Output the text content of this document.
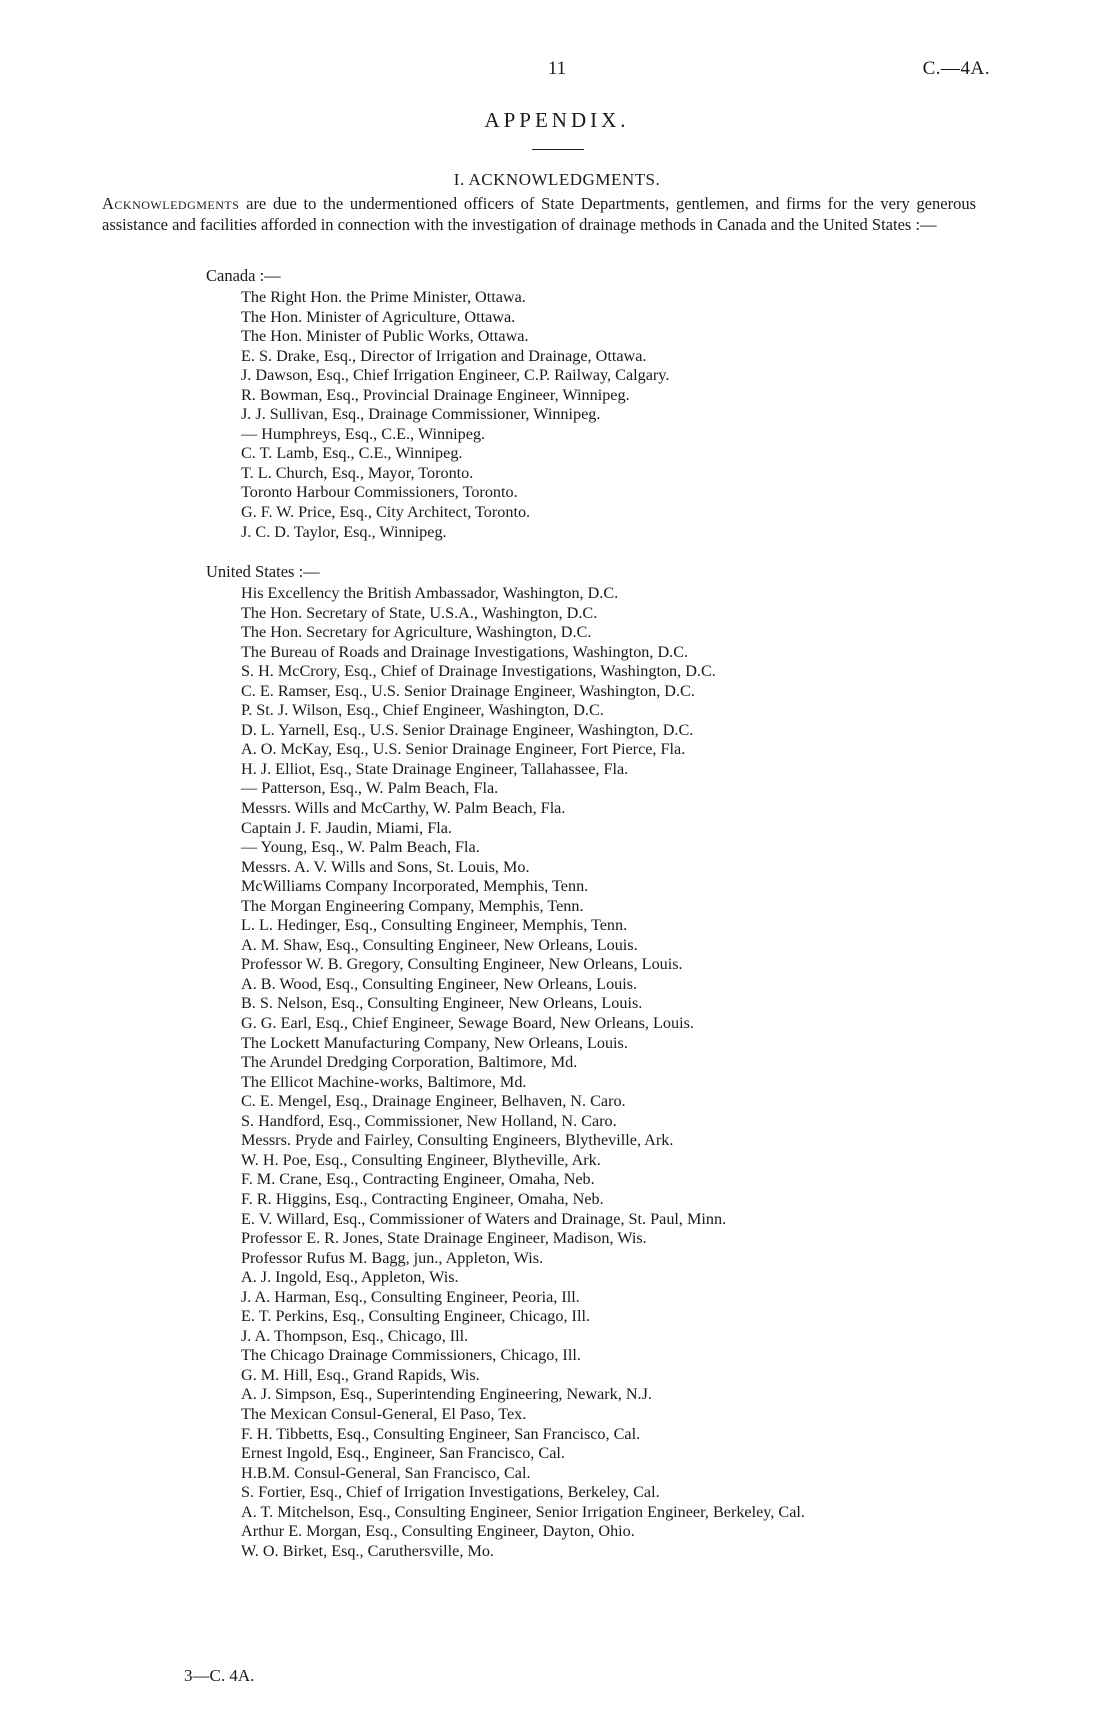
11	C.—4A.
APPENDIX.
I. ACKNOWLEDGMENTS.

Acknowledgments are due to the undermentioned officers of State Departments, gentlemen, and firms for the very generous assistance and facilities afforded in connection with the investigation of drainage methods in Canada and the United States :—

Canada :—
The Right Hon. the Prime Minister, Ottawa.
The Hon. Minister of Agriculture, Ottawa.
The Hon. Minister of Public Works, Ottawa.
E. S. Drake, Esq., Director of Irrigation and Drainage, Ottawa.
J. Dawson, Esq., Chief Irrigation Engineer, C.P. Railway, Calgary.
R. Bowman, Esq., Provincial Drainage Engineer, Winnipeg.
J. J. Sullivan, Esq., Drainage Commissioner, Winnipeg.
— Humphreys, Esq., C.E., Winnipeg.
C. T. Lamb, Esq., C.E., Winnipeg.
T. L. Church, Esq., Mayor, Toronto.
Toronto Harbour Commissioners, Toronto.
G. F. W. Price, Esq., City Architect, Toronto.
J. C. D. Taylor, Esq., Winnipeg.
United States :—
His Excellency the British Ambassador, Washington, D.C.
The Hon. Secretary of State, U.S.A., Washington, D.C.
The Hon. Secretary for Agriculture, Washington, D.C.
The Bureau of Roads and Drainage Investigations, Washington, D.C.
S. H. McCrory, Esq., Chief of Drainage Investigations, Washington, D.C.
C. E. Ramser, Esq., U.S. Senior Drainage Engineer, Washington, D.C.
P. St. J. Wilson, Esq., Chief Engineer, Washington, D.C.
D. L. Yarnell, Esq., U.S. Senior Drainage Engineer, Washington, D.C.
A. O. McKay, Esq., U.S. Senior Drainage Engineer, Fort Pierce, Fla.
H. J. Elliot, Esq., State Drainage Engineer, Tallahassee, Fla.
— Patterson, Esq., W. Palm Beach, Fla.
Messrs. Wills and McCarthy, W. Palm Beach, Fla.
Captain J. F. Jaudin, Miami, Fla.
— Young, Esq., W. Palm Beach, Fla.
Messrs. A. V. Wills and Sons, St. Louis, Mo.
McWilliams Company Incorporated, Memphis, Tenn.
The Morgan Engineering Company, Memphis, Tenn.
L. L. Hedinger, Esq., Consulting Engineer, Memphis, Tenn.
A. M. Shaw, Esq., Consulting Engineer, New Orleans, Louis.
Professor W. B. Gregory, Consulting Engineer, New Orleans, Louis.
A. B. Wood, Esq., Consulting Engineer, New Orleans, Louis.
B. S. Nelson, Esq., Consulting Engineer, New Orleans, Louis.
G. G. Earl, Esq., Chief Engineer, Sewage Board, New Orleans, Louis.
The Lockett Manufacturing Company, New Orleans, Louis.
The Arundel Dredging Corporation, Baltimore, Md.
The Ellicot Machine-works, Baltimore, Md.
C. E. Mengel, Esq., Drainage Engineer, Belhaven, N. Caro.
S. Handford, Esq., Commissioner, New Holland, N. Caro.
Messrs. Pryde and Fairley, Consulting Engineers, Blytheville, Ark.
W. H. Poe, Esq., Consulting Engineer, Blytheville, Ark.
F. M. Crane, Esq., Contracting Engineer, Omaha, Neb.
F. R. Higgins, Esq., Contracting Engineer, Omaha, Neb.
E. V. Willard, Esq., Commissioner of Waters and Drainage, St. Paul, Minn.
Professor E. R. Jones, State Drainage Engineer, Madison, Wis.
Professor Rufus M. Bagg, jun., Appleton, Wis.
A. J. Ingold, Esq., Appleton, Wis.
J. A. Harman, Esq., Consulting Engineer, Peoria, Ill.
E. T. Perkins, Esq., Consulting Engineer, Chicago, Ill.
J. A. Thompson, Esq., Chicago, Ill.
The Chicago Drainage Commissioners, Chicago, Ill.
G. M. Hill, Esq., Grand Rapids, Wis.
A. J. Simpson, Esq., Superintending Engineering, Newark, N.J.
The Mexican Consul-General, El Paso, Tex.
F. H. Tibbetts, Esq., Consulting Engineer, San Francisco, Cal.
Ernest Ingold, Esq., Engineer, San Francisco, Cal.
H.B.M. Consul-General, San Francisco, Cal.
S. Fortier, Esq., Chief of Irrigation Investigations, Berkeley, Cal.
A. T. Mitchelson, Esq., Consulting Engineer, Senior Irrigation Engineer, Berkeley, Cal.
Arthur E. Morgan, Esq., Consulting Engineer, Dayton, Ohio.
W. O. Birket, Esq., Caruthersville, Mo.
3—C. 4A.
